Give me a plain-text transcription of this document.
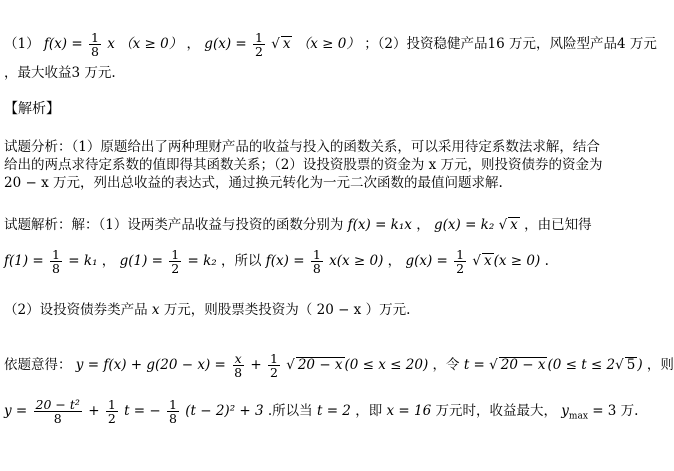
（1） $f(x) = \frac{1}{8}$ x （x ≥ 0） ， $g(x) = \frac{1}{2}$ √ x （x ≥ 0） ；（2）投资稳健产品16 万元，风险型产品4 万元
，最大收益3 万元.
【解析】
试题分析：（1）原题给出了两种理财产品的收益与投入的函数关系，可以采用待定系数法求解，结合
给出的两点求待定系数的值即得其函数关系；（2）设投资股票的资金为 x 万元，则投资债券的资金为
20 − x 万元，列出总收益的表达式，通过换元转化为一元二次函数的最值问题求解.
试题解析：解：（1）设两类产品收益与投资的函数分别为 f(x) = k₁x ， g(x) = k₂ √ x ，由已知得
$f(1) = \frac{1}{8} = k_1$ ， $g(1) = \frac{1}{2} = k_2$ ，所以 $f(x) = \frac{1}{8} x(x \ge 0)$ ， $g(x) = \frac{1}{2}$ √ x (x ≥ 0) .
（2）设投资债券类产品 x 万元，则股票类投资为（ 20 − x ）万元.
依题意得： $y = f(x) + g(20 - x) = \frac{x}{8} + \frac{1}{2}$ √ 20 − x (0 ≤ x ≤ 20) ，令 t = √ 20 − x (0 ≤ t ≤ 2√ 5 ) ，则
$y = \frac{\text{20 − t²}}{8} + \frac{1}{2}$ t = − $\frac{1}{8} (t - 2)^2 + 3$ .所以当 t = 2 ，即 x = 16 万元时，收益最大， $y_{max} = 3$ 万.
